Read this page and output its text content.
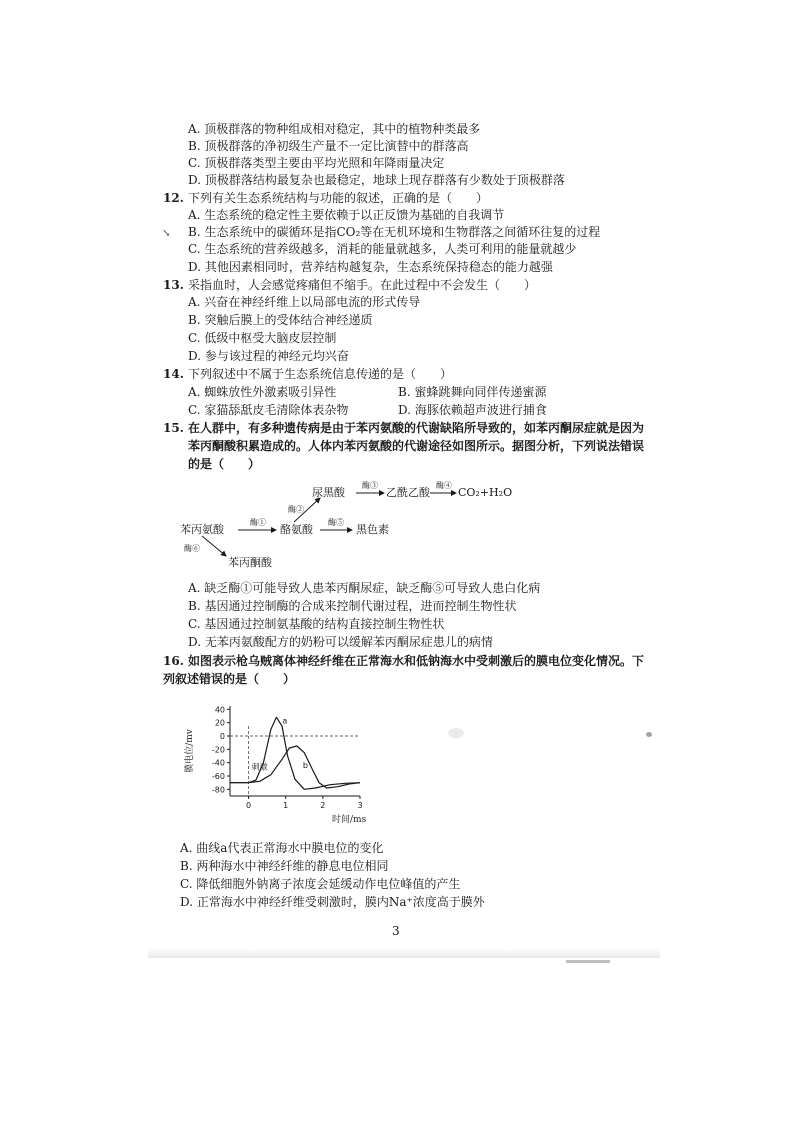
A. 顶极群落的物种组成相对稳定，其中的植物种类最多
B. 顶极群落的净初级生产量不一定比演替中的群落高
C. 顶极群落类型主要由平均光照和年降雨量决定
D. 顶极群落结构最复杂也最稳定，地球上现存群落有少数处于顶极群落
12. 下列有关生态系统结构与功能的叙述，正确的是（　　）
A. 生态系统的稳定性主要依赖于以正反馈为基础的自我调节
B. 生态系统中的碳循环是指CO₂等在无机环境和生物群落之间循环往复的过程
C. 生态系统的营养级越多，消耗的能量就越多，人类可利用的能量就越少
D. 其他因素相同时，营养结构越复杂，生态系统保持稳态的能力越强
↘
13. 采指血时，人会感觉疼痛但不缩手。在此过程中不会发生（　　）
A. 兴奋在神经纤维上以局部电流的形式传导
B. 突触后膜上的受体结合神经递质
C. 低级中枢受大脑皮层控制
D. 参与该过程的神经元均兴奋
14. 下列叙述中不属于生态系统信息传递的是（　　）
A. 蜘蛛放性外激素吸引异性	B. 蜜蜂跳舞向同伴传递蜜源
C. 家猫舔舐皮毛清除体表杂物	D. 海豚依赖超声波进行捕食
15. 在人群中，有多种遗传病是由于苯丙氨酸的代谢缺陷所导致的，如苯丙酮尿症就是因为
苯丙酮酸积累造成的。人体内苯丙氨酸的代谢途径如图所示。据图分析，下列说法错误
的是（　　）
苯丙氨酸	酪氨酸
苯丙酮酸
尿黑酸	乙酰乙酸	CO₂+H₂O
黑色素
酶①
酶②
酶③	酶④
酶⑤
酶⑥
A. 缺乏酶①可能导致人患苯丙酮尿症，缺乏酶⑤可导致人患白化病
B. 基因通过控制酶的合成来控制代谢过程，进而控制生物性状
C. 基因通过控制氨基酸的结构直接控制生物性状
D. 无苯丙氨酸配方的奶粉可以缓解苯丙酮尿症患儿的病情
16. 如图表示枪乌贼离体神经纤维在正常海水和低钠海水中受刺激后的膜电位变化情况。下
列叙述错误的是（　　）
40
20
0
-20
-40
-60
-80
0	1	2	3
时间/ms
膜电位/mv	刺激
a
b
A. 曲线a代表正常海水中膜电位的变化
B. 两种海水中神经纤维的静息电位相同
C. 降低细胞外钠离子浓度会延缓动作电位峰值的产生
D. 正常海水中神经纤维受刺激时，膜内Na⁺浓度高于膜外
3
